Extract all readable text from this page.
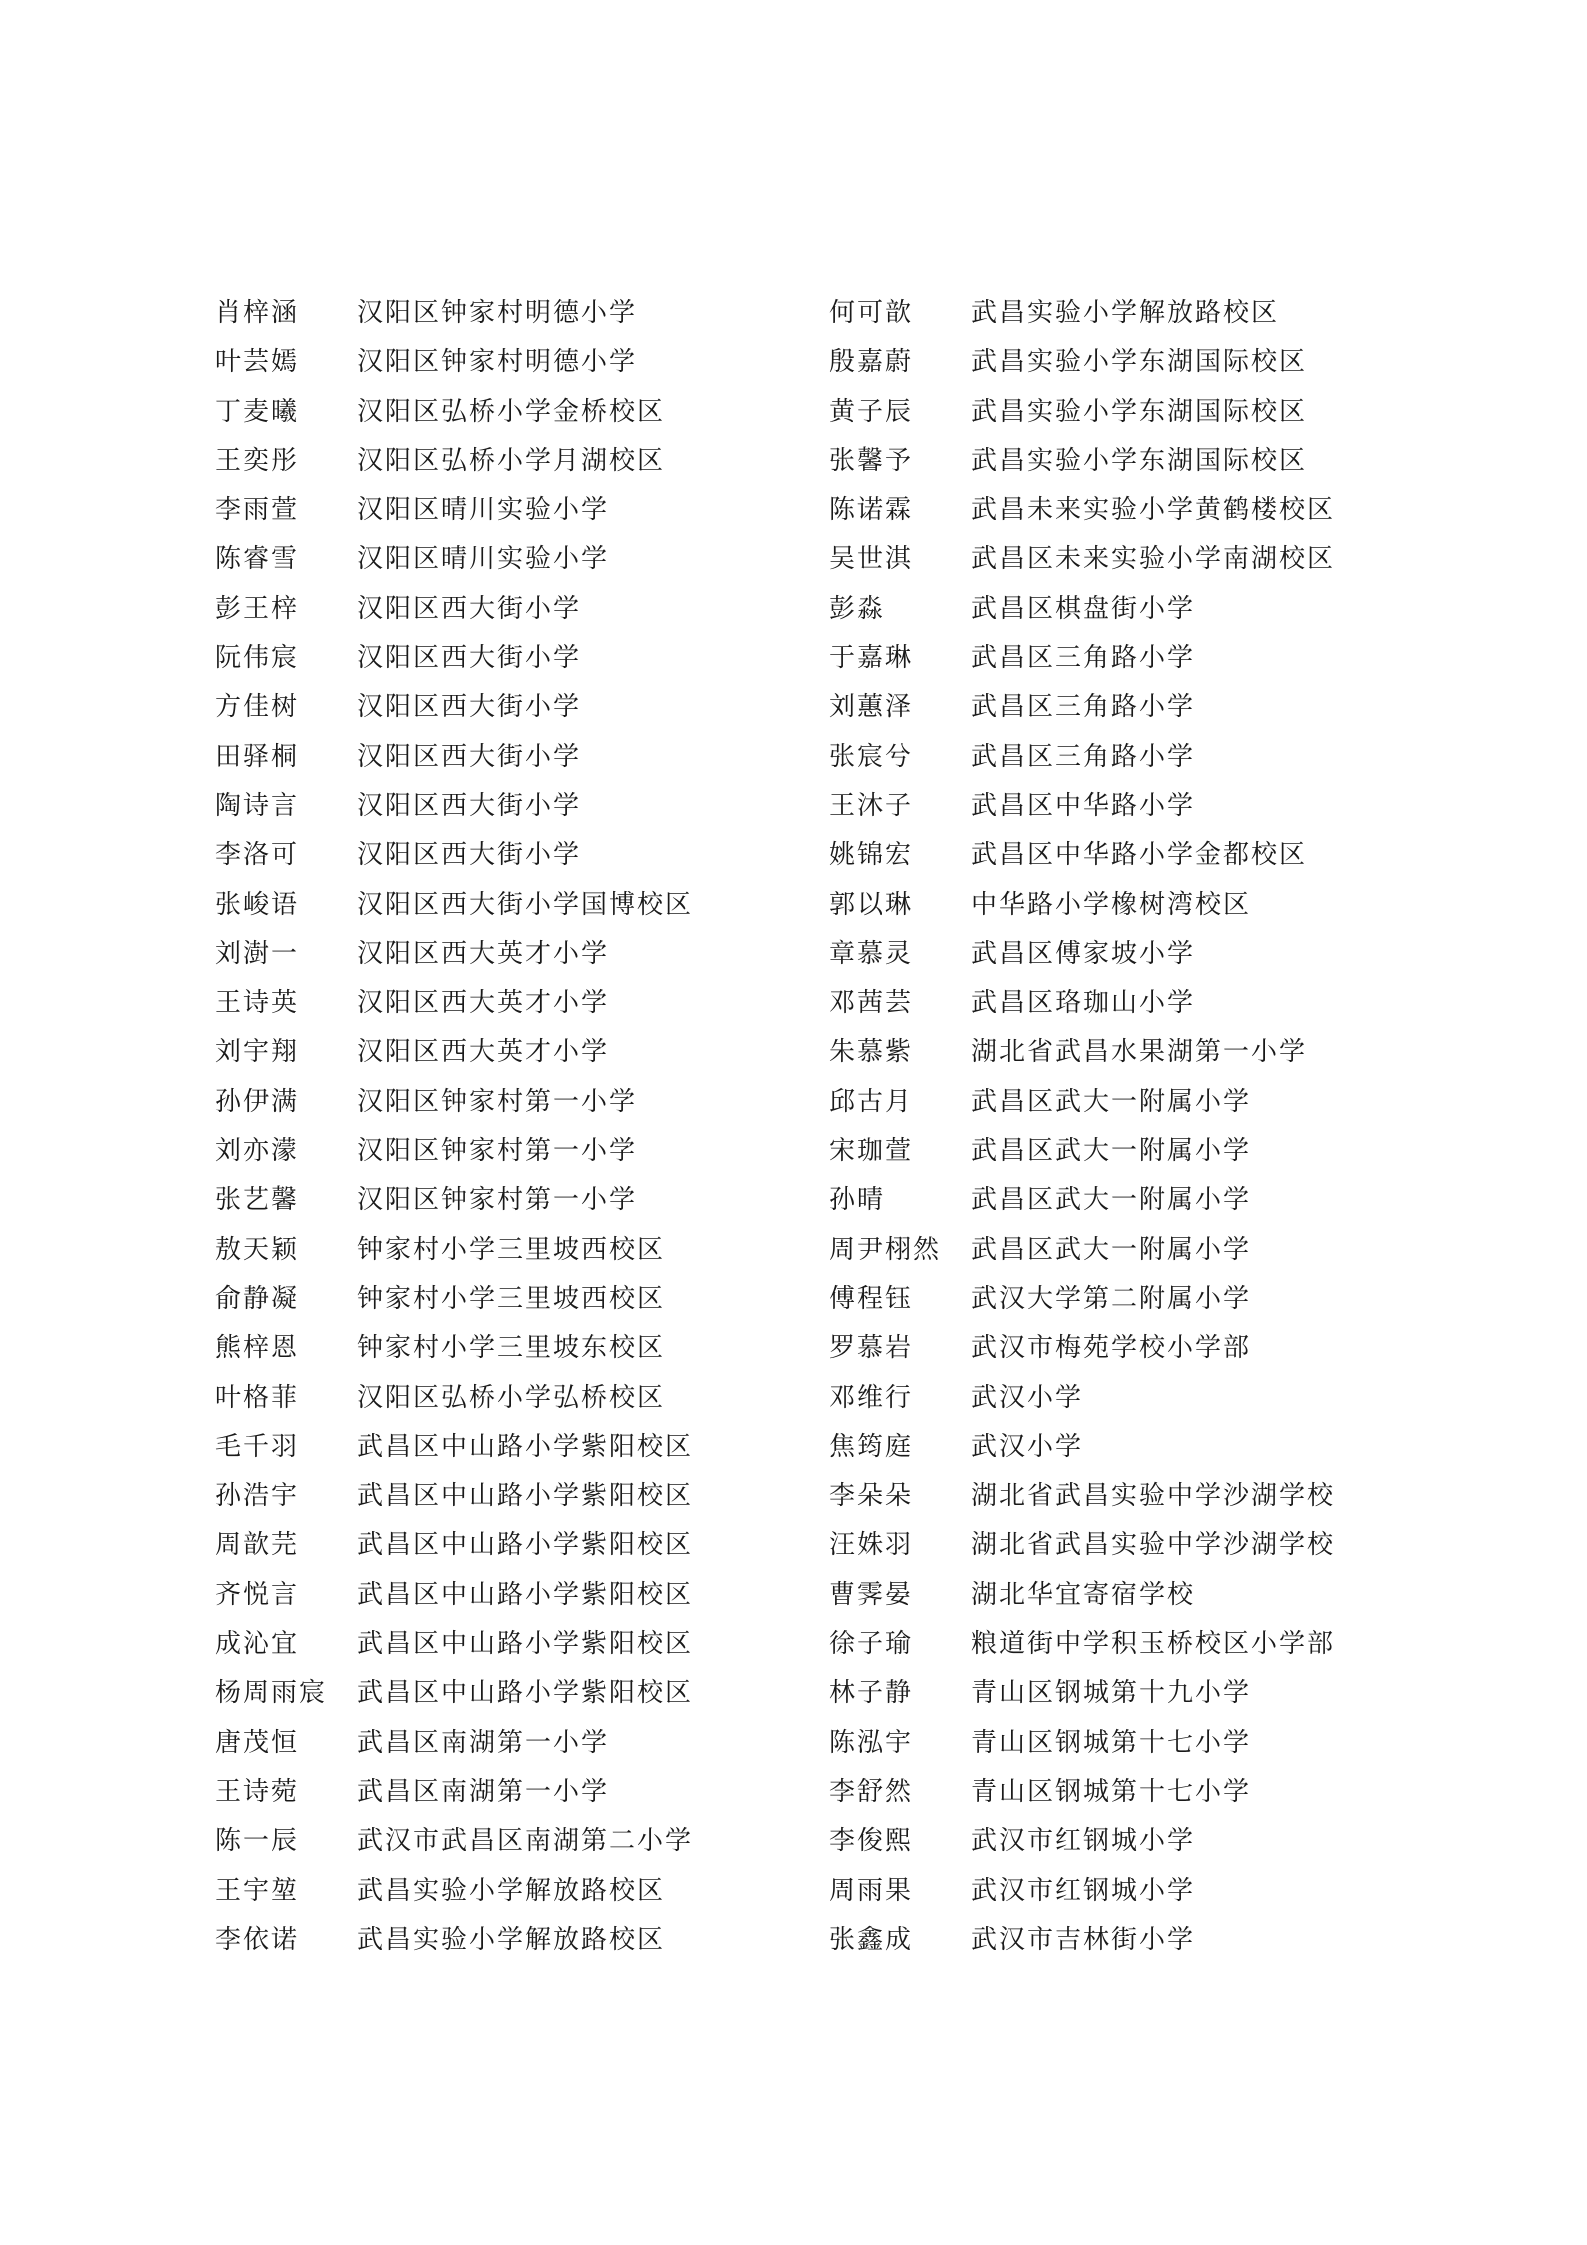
肖梓涵 汉阳区钟家村明德小学
叶芸嫣 汉阳区钟家村明德小学
丁麦曦 汉阳区弘桥小学金桥校区
王奕彤 汉阳区弘桥小学月湖校区
李雨萱 汉阳区晴川实验小学
陈睿雪 汉阳区晴川实验小学
彭王梓 汉阳区西大街小学
阮伟宸 汉阳区西大街小学
方佳树 汉阳区西大街小学
田驿桐 汉阳区西大街小学
陶诗言 汉阳区西大街小学
李洛可 汉阳区西大街小学
张峻语 汉阳区西大街小学国博校区
刘澍一 汉阳区西大英才小学
王诗英 汉阳区西大英才小学
刘宇翔 汉阳区西大英才小学
孙伊满 汉阳区钟家村第一小学
刘亦濛 汉阳区钟家村第一小学
张艺馨 汉阳区钟家村第一小学
敖天颖 钟家村小学三里坡西校区
俞静凝 钟家村小学三里坡西校区
熊梓恩 钟家村小学三里坡东校区
叶格菲 汉阳区弘桥小学弘桥校区
毛千羽 武昌区中山路小学紫阳校区
孙浩宇 武昌区中山路小学紫阳校区
周歆芫 武昌区中山路小学紫阳校区
齐悦言 武昌区中山路小学紫阳校区
成沁宜 武昌区中山路小学紫阳校区
杨周雨宸 武昌区中山路小学紫阳校区
唐茂恒 武昌区南湖第一小学
王诗菀 武昌区南湖第一小学
陈一辰 武汉市武昌区南湖第二小学
王宇堃 武昌实验小学解放路校区
李依诺 武昌实验小学解放路校区
何可歆 武昌实验小学解放路校区
殷嘉蔚 武昌实验小学东湖国际校区
黄子辰 武昌实验小学东湖国际校区
张馨予 武昌实验小学东湖国际校区
陈诺霖 武昌未来实验小学黄鹤楼校区
吴世淇 武昌区未来实验小学南湖校区
彭淼	武昌区棋盘街小学
于嘉琳 武昌区三角路小学
刘蕙泽 武昌区三角路小学
张宸兮 武昌区三角路小学
王沐子 武昌区中华路小学
姚锦宏 武昌区中华路小学金都校区
郭以琳 中华路小学橡树湾校区
章慕灵 武昌区傅家坡小学
邓茜芸 武昌区珞珈山小学
朱慕紫 湖北省武昌水果湖第一小学
邱古月 武昌区武大一附属小学
宋珈萱 武昌区武大一附属小学
孙晴	武昌区武大一附属小学
周尹栩然 武昌区武大一附属小学
傅程钰 武汉大学第二附属小学
罗慕岩 武汉市梅苑学校小学部
邓维行 武汉小学
焦筠庭 武汉小学
李朵朵 湖北省武昌实验中学沙湖学校
汪姝羽 湖北省武昌实验中学沙湖学校
曹霁晏 湖北华宜寄宿学校
徐子瑜 粮道街中学积玉桥校区小学部
林子静 青山区钢城第十九小学
陈泓宇 青山区钢城第十七小学
李舒然 青山区钢城第十七小学
李俊熙 武汉市红钢城小学
周雨果 武汉市红钢城小学
张鑫成 武汉市吉林街小学
